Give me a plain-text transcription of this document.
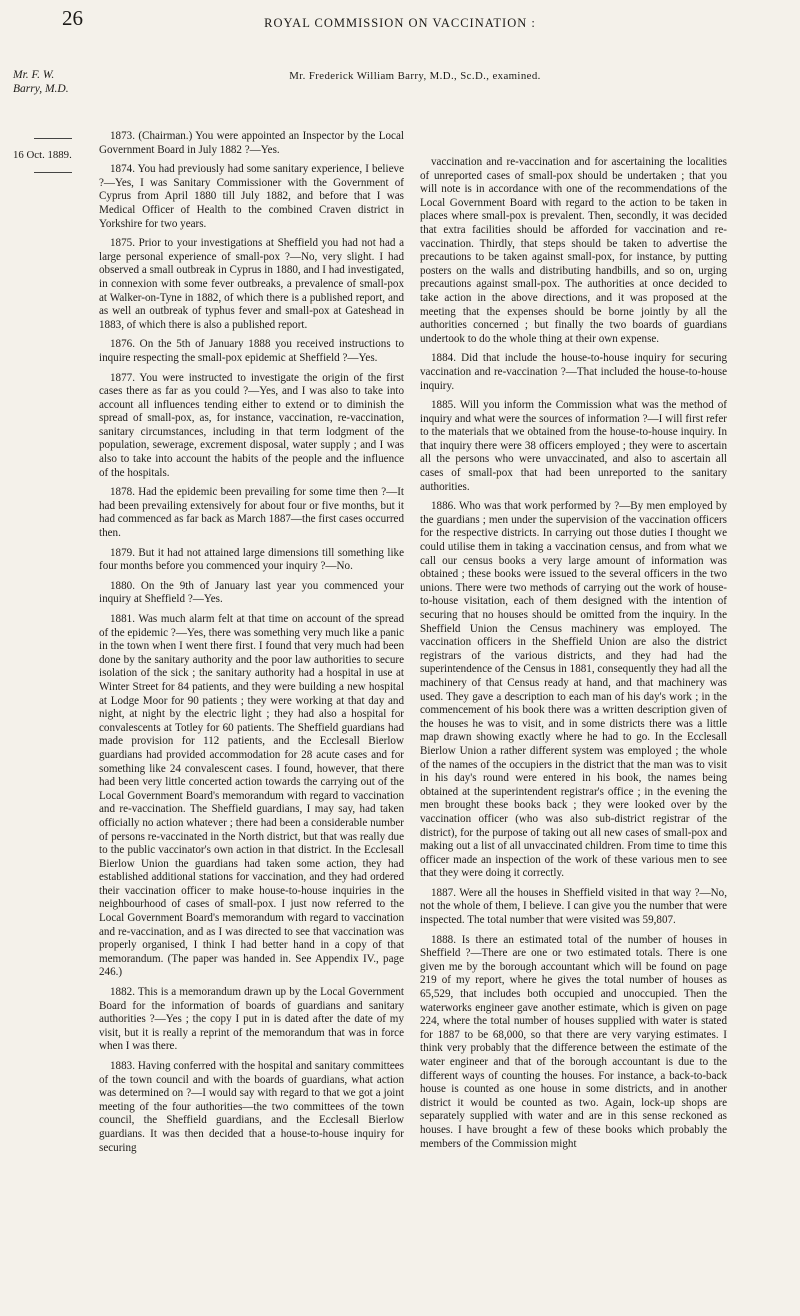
26	ROYAL COMMISSION ON VACCINATION :
Mr. Frederick William Barry, M.D., Sc.D., examined.
Mr. F. W.
Barry, M.D.
16 Oct. 1889.

1873. (Chairman.) You were appointed an Inspector by the Local Government Board in July 1882 ?—Yes.

1874. You had previously had some sanitary experience, I believe ?—Yes, I was Sanitary Commissioner with the Government of Cyprus from April 1880 till July 1882, and before that I was Medical Officer of Health to the combined Craven district in Yorkshire for two years.

1875. Prior to your investigations at Sheffield you had not had a large personal experience of small-pox ?—No, very slight. I had observed a small outbreak in Cyprus in 1880, and I had investigated, in connexion with some fever outbreaks, a prevalence of small-pox at Walker-on-Tyne in 1882, of which there is a published report, and as well an outbreak of typhus fever and small-pox at Gateshead in 1883, of which there is also a published report.

1876. On the 5th of January 1888 you received instructions to inquire respecting the small-pox epidemic at Sheffield ?—Yes.

1877. You were instructed to investigate the origin of the first cases there as far as you could ?—Yes, and I was also to take into account all influences tending either to extend or to diminish the spread of small-pox, as, for instance, vaccination, re-vaccination, sanitary circumstances, including in that term lodgment of the population, sewerage, excrement disposal, water supply ; and I was also to take into account the habits of the people and the influence of the hospitals.

1878. Had the epidemic been prevailing for some time then ?—It had been prevailing extensively for about four or five months, but it had commenced as far back as March 1887—the first cases occurred then.

1879. But it had not attained large dimensions till something like four months before you commenced your inquiry ?—No.

1880. On the 9th of January last year you commenced your inquiry at Sheffield ?—Yes.

1881. Was much alarm felt at that time on account of the spread of the epidemic ?—Yes, there was something very much like a panic in the town when I went there first. I found that very much had been done by the sanitary authority and the poor law authorities to secure isolation of the sick ; the sanitary authority had a hospital in use at Winter Street for 84 patients, and they were building a new hospital at Lodge Moor for 90 patients ; they were working at that day and night, at night by the electric light ; they had also a hospital for convalescents at Totley for 60 patients. The Sheffield guardians had made provision for 112 patients, and the Ecclesall Bierlow guardians had provided accommodation for 28 acute cases and for something like 24 convalescent cases. I found, however, that there had been very little concerted action towards the carrying out of the Local Government Board's memorandum with regard to vaccination and re-vaccination. The Sheffield guardians, I may say, had taken officially no action whatever ; there had been a considerable number of persons re-vaccinated in the North district, but that was really due to the public vaccinator's own action in that district. In the Ecclesall Bierlow Union the guardians had taken some action, they had established additional stations for vaccination, and they had ordered their vaccination officer to make house-to-house inquiries in the neighbourhood of cases of small-pox. I just now referred to the Local Government Board's memorandum with regard to vaccination and re-vaccination, and as I was directed to see that vaccination was properly organised, I think I had better hand in a copy of that memorandum. (The paper was handed in. See Appendix IV., page 246.)

1882. This is a memorandum drawn up by the Local Government Board for the information of boards of guardians and sanitary authorities ?—Yes ; the copy I put in is dated after the date of my visit, but it is really a reprint of the memorandum that was in force when I was there.

1883. Having conferred with the hospital and sanitary committees of the town council and with the boards of guardians, what action was determined on ?—I would say with regard to that we got a joint meeting of the four authorities—the two committees of the town council, the Sheffield guardians, and the Ecclesall Bierlow guardians. It was then decided that a house-to-house inquiry for securing

vaccination and re-vaccination and for ascertaining the localities of unreported cases of small-pox should be undertaken ; that you will note is in accordance with one of the recommendations of the Local Government Board with regard to the action to be taken in places where small-pox is prevalent. Then, secondly, it was decided that extra facilities should be afforded for vaccination and re-vaccination. Thirdly, that steps should be taken to advertise the precautions to be taken against small-pox, for instance, by putting posters on the walls and distributing handbills, and so on, urging precautions against small-pox. The authorities at once decided to take action in the above directions, and it was proposed at the meeting that the expenses should be borne jointly by all the authorities concerned ; but finally the two boards of guardians undertook to do the whole thing at their own expense.

1884. Did that include the house-to-house inquiry for securing vaccination and re-vaccination ?—That included the house-to-house inquiry.

1885. Will you inform the Commission what was the method of inquiry and what were the sources of information ?—I will first refer to the materials that we obtained from the house-to-house inquiry. In that inquiry there were 38 officers employed ; they were to ascertain all the persons who were unvaccinated, and also to ascertain all cases of small-pox that had been unreported to the sanitary authorities.

1886. Who was that work performed by ?—By men employed by the guardians ; men under the supervision of the vaccination officers for the respective districts. In carrying out those duties I thought we could utilise them in taking a vaccination census, and from what we call our census books a very large amount of information was obtained ; these books were issued to the several officers in the two unions. There were two methods of carrying out the work of house-to-house visitation, each of them designed with the intention of securing that no houses should be omitted from the inquiry. In the Sheffield Union the Census machinery was employed. The vaccination officers in the Sheffield Union are also the district registrars of the various districts, and they had had the superintendence of the Census in 1881, consequently they had all the machinery of that Census ready at hand, and that machinery was used. They gave a description to each man of his day's work ; in the commencement of his book there was a written description given of the houses he was to visit, and in some districts there was a little map drawn showing exactly where he had to go. In the Ecclesall Bierlow Union a rather different system was employed ; the whole of the names of the occupiers in the district that the man was to visit in his day's round were entered in his book, the names being obtained at the superintendent registrar's office ; in the evening the men brought these books back ; they were looked over by the vaccination officer (who was also sub-district registrar of the district), for the purpose of taking out all new cases of small-pox and making out a list of all unvaccinated children. From time to time this officer made an inspection of the work of these various men to see that they were doing it correctly.

1887. Were all the houses in Sheffield visited in that way ?—No, not the whole of them, I believe. I can give you the number that were inspected. The total number that were visited was 59,807.

1888. Is there an estimated total of the number of houses in Sheffield ?—There are one or two estimated totals. There is one given me by the borough accountant which will be found on page 219 of my report, where he gives the total number of houses as 65,529, that includes both occupied and unoccupied. Then the waterworks engineer gave another estimate, which is given on page 224, where the total number of houses supplied with water is stated for 1887 to be 68,000, so that there are very varying estimates. I think very probably that the difference between the estimate of the water engineer and that of the borough accountant is due to the different ways of counting the houses. For instance, a back-to-back house is counted as one house in some districts, and in another district it would be counted as two. Again, lock-up shops are separately supplied with water and are in this sense reckoned as houses. I have brought a few of these books which probably the members of the Commission might
